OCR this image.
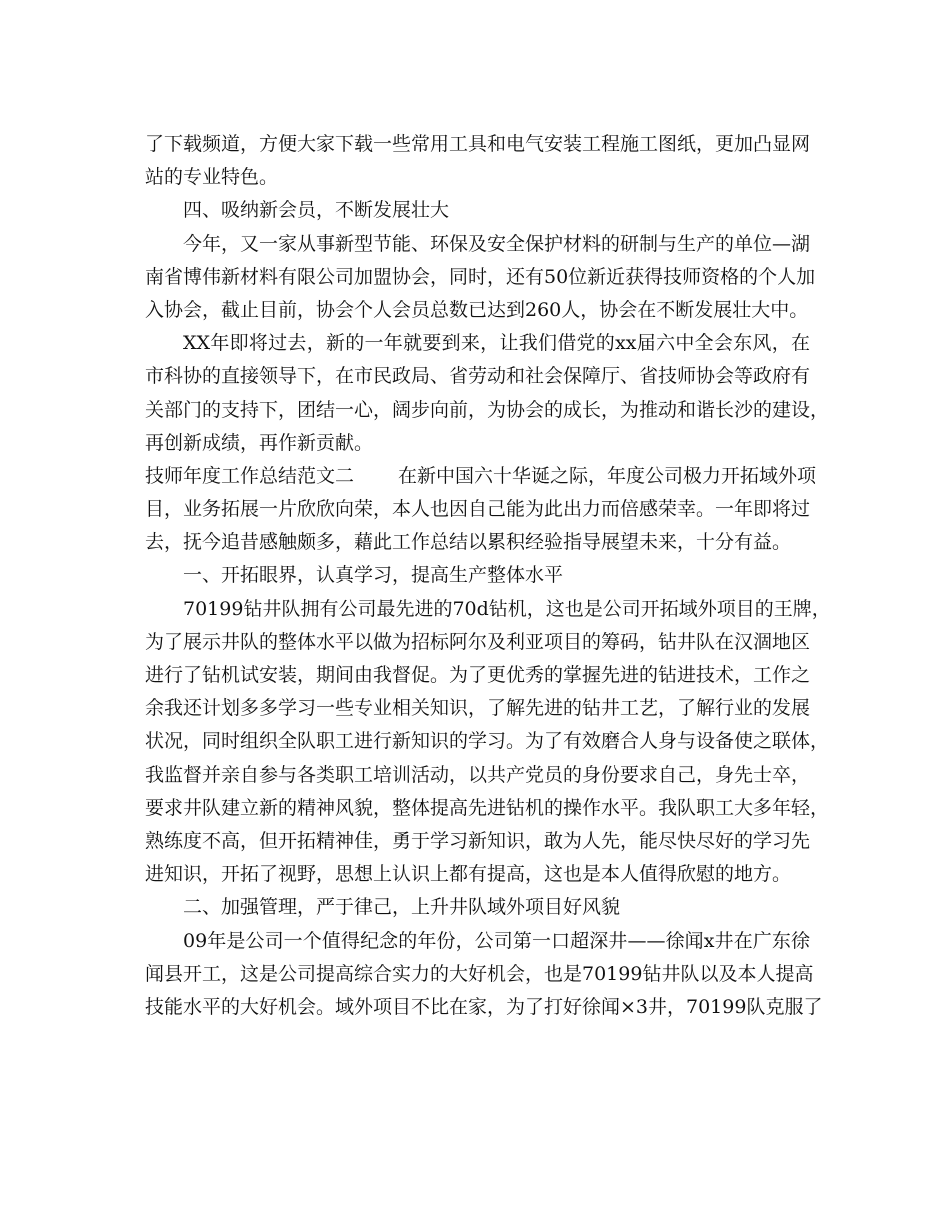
了下载频道，方便大家下载一些常用工具和电气安装工程施工图纸，更加凸显网
站的专业特色。
四、吸纳新会员，不断发展壮大
今年，又一家从事新型节能、环保及安全保护材料的研制与生产的单位—湖
南省博伟新材料有限公司加盟协会，同时，还有50位新近获得技师资格的个人加
入协会，截止目前，协会个人会员总数已达到260人，协会在不断发展壮大中。
XX年即将过去，新的一年就要到来，让我们借党的xx届六中全会东风，在
市科协的直接领导下，在市民政局、省劳动和社会保障厅、省技师协会等政府有
关部门的支持下，团结一心，阔步向前，为协会的成长，为推动和谐长沙的建设，
再创新成绩，再作新贡献。
技师年度工作总结范文二 在新中国六十华诞之际，年度公司极力开拓域外项
目，业务拓展一片欣欣向荣，本人也因自己能为此出力而倍感荣幸。一年即将过
去，抚今追昔感触颇多，藉此工作总结以累积经验指导展望未来，十分有益。
一、开拓眼界，认真学习，提高生产整体水平
70199钻井队拥有公司最先进的70d钻机，这也是公司开拓域外项目的王牌，
为了展示井队的整体水平以做为招标阿尔及利亚项目的筹码，钻井队在汉涸地区
进行了钻机试安装，期间由我督促。为了更优秀的掌握先进的钻进技术，工作之
余我还计划多多学习一些专业相关知识，了解先进的钻井工艺，了解行业的发展
状况，同时组织全队职工进行新知识的学习。为了有效磨合人身与设备使之联体，
我监督并亲自参与各类职工培训活动，以共产党员的身份要求自己，身先士卒，
要求井队建立新的精神风貌，整体提高先进钻机的操作水平。我队职工大多年轻，
熟练度不高，但开拓精神佳，勇于学习新知识，敢为人先，能尽快尽好的学习先
进知识，开拓了视野，思想上认识上都有提高，这也是本人值得欣慰的地方。
二、加强管理，严于律己，上升井队域外项目好风貌
09年是公司一个值得纪念的年份，公司第一口超深井——徐闻x井在广东徐
闻县开工，这是公司提高综合实力的大好机会，也是70199钻井队以及本人提高
技能水平的大好机会。域外项目不比在家，为了打好徐闻×3井，70199队克服了
